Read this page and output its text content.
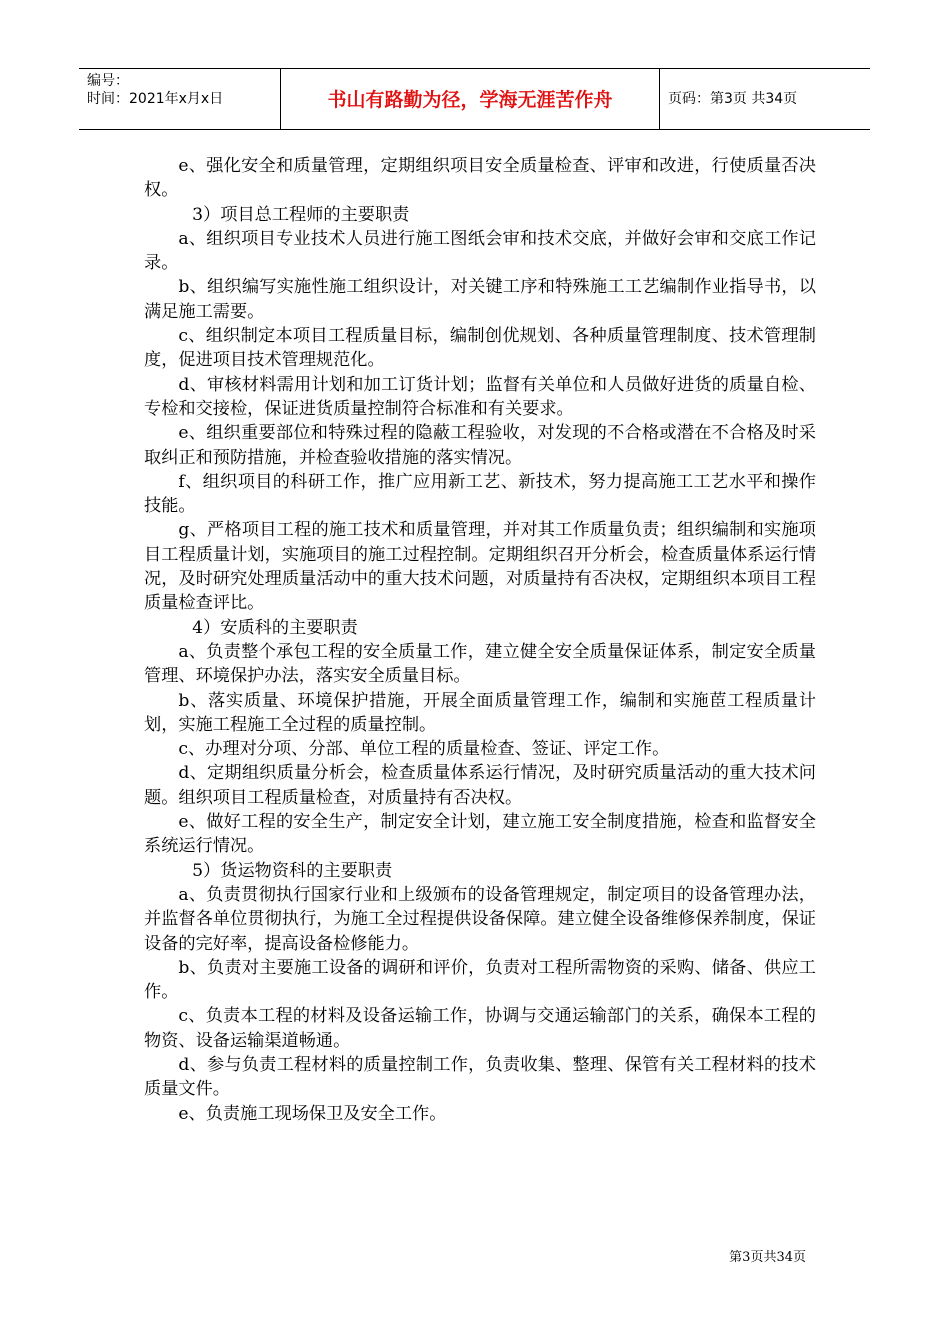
编号：
时间：2021年x月x日	书山有路勤为径，学海无涯苦作舟	页码：第3页 共34页

e、强化安全和质量管理，定期组织项目安全质量检查、评审和改进，行使质量否决权。

3）项目总工程师的主要职责

a、组织项目专业技术人员进行施工图纸会审和技术交底，并做好会审和交底工作记录。

b、组织编写实施性施工组织设计，对关键工序和特殊施工工艺编制作业指导书，以满足施工需要。

c、组织制定本项目工程质量目标，编制创优规划、各种质量管理制度、技术管理制度，促进项目技术管理规范化。

d、审核材料需用计划和加工订货计划；监督有关单位和人员做好进货的质量自检、专检和交接检，保证进货质量控制符合标准和有关要求。

e、组织重要部位和特殊过程的隐蔽工程验收，对发现的不合格或潜在不合格及时采取纠正和预防措施，并检查验收措施的落实情况。

f、组织项目的科研工作，推广应用新工艺、新技术，努力提高施工工艺水平和操作技能。

g、严格项目工程的施工技术和质量管理，并对其工作质量负责；组织编制和实施项目工程质量计划，实施项目的施工过程控制。定期组织召开分析会，检查质量体系运行情况，及时研究处理质量活动中的重大技术问题，对质量持有否决权，定期组织本项目工程质量检查评比。

4）安质科的主要职责

a、负责整个承包工程的安全质量工作，建立健全安全质量保证体系，制定安全质量管理、环境保护办法，落实安全质量目标。

b、落实质量、环境保护措施，开展全面质量管理工作，编制和实施茞工程质量计划，实施工程施工全过程的质量控制。

c、办理对分项、分部、单位工程的质量检查、签证、评定工作。

d、定期组织质量分析会，检查质量体系运行情况，及时研究质量活动的重大技术问题。组织项目工程质量检查，对质量持有否决权。

e、做好工程的安全生产，制定安全计划，建立施工安全制度措施，检查和监督安全系统运行情况。

5）货运物资科的主要职责

a、负责贯彻执行国家行业和上级颁布的设备管理规定，制定项目的设备管理办法，并监督各单位贯彻执行，为施工全过程提供设备保障。建立健全设备维修保养制度，保证设备的完好率，提高设备检修能力。

b、负责对主要施工设备的调研和评价，负责对工程所需物资的采购、储备、供应工作。

c、负责本工程的材料及设备运输工作，协调与交通运输部门的关系，确保本工程的物资、设备运输渠道畅通。

d、参与负责工程材料的质量控制工作，负责收集、整理、保管有关工程材料的技术质量文件。

e、负责施工现场保卫及安全工作。

第3页共34页
